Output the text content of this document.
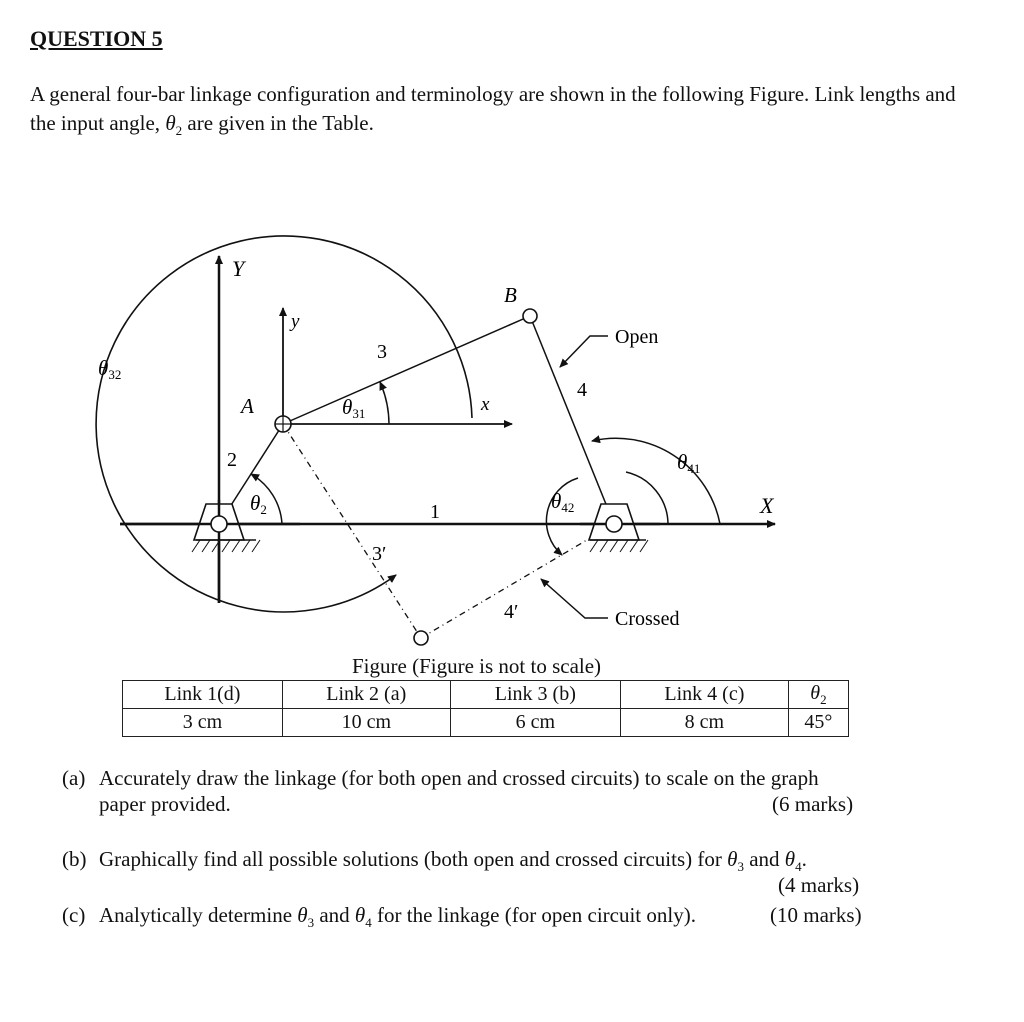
QUESTION 5
A general four-bar linkage configuration and terminology are shown in the following Figure. Link lengths and the input angle, $\theta_2$ are given in the Table.
Y
X
y
x
A
B
1
2
3
4
3′
4′
Open
Crossed
θ32
θ31
θ2	θ42
θ41
Figure (Figure is not to scale)
Link 1(d)	Link 2 (a)	Link 3 (b)	Link 4 (c)	$\theta_2$
3 cm	10 cm	6 cm	8 cm	45°
(a) Accurately draw the linkage (for both open and crossed circuits) to scale on the graph
paper provided.	(6 marks)
(b) Graphically find all possible solutions (both open and crossed circuits) for $\theta_3$ and $\theta_4$.
(4 marks)
(c) Analytically determine $\theta_3$ and $\theta_4$ for the linkage (for open circuit only).	(10 marks)
